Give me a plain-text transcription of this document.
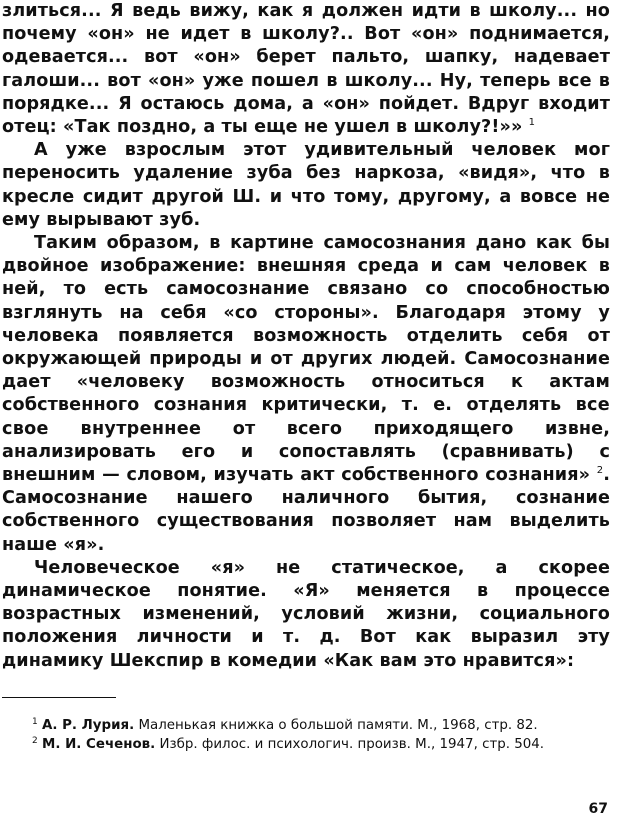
злиться... Я ведь вижу, как я должен идти в школу... но почему «он» не идет в школу?.. Вот «он» поднимается, одевается... вот «он» берет пальто, шапку, надевает галоши... вот «он» уже пошел в школу... Ну, теперь все в порядке... Я остаюсь дома, а «он» пойдет. Вдруг входит отец: «Так поздно, а ты еще не ушел в школу?!»» $^1$

А уже взрослым этот удивительный человек мог переносить удаление зуба без наркоза, «видя», что в кресле сидит другой Ш. и что тому, другому, а вовсе не ему вырывают зуб.

Таким образом, в картине самосознания дано как бы двойное изображение: внешняя среда и сам человек в ней, то есть самосознание связано со способностью взглянуть на себя «со стороны». Благодаря этому у человека появляется возможность отделить себя от окружающей природы и от других людей. Самосознание дает «человеку возможность относиться к актам собственного сознания критически, т. е. отделять все свое внутреннее от всего приходящего извне, анализировать его и сопоставлять (сравнивать) с внешним — словом, изучать акт собственного сознания» $^2$. Самосознание нашего наличного бытия, сознание собственного существования позволяет нам выделить наше «я».

Человеческое «я» не статическое, а скорее динамическое понятие. «Я» меняется в процессе возрастных изменений, условий жизни, социального положения личности и т. д. Вот как выразил эту динамику Шекспир в комедии «Как вам это нравится»:

$^1$ А. Р. Лурия. Маленькая книжка о большой памяти. М., 1968, стр. 82.

$^2$ М. И. Сеченов. Избр. филос. и психологич. произв. М., 1947, стр. 504.

67
